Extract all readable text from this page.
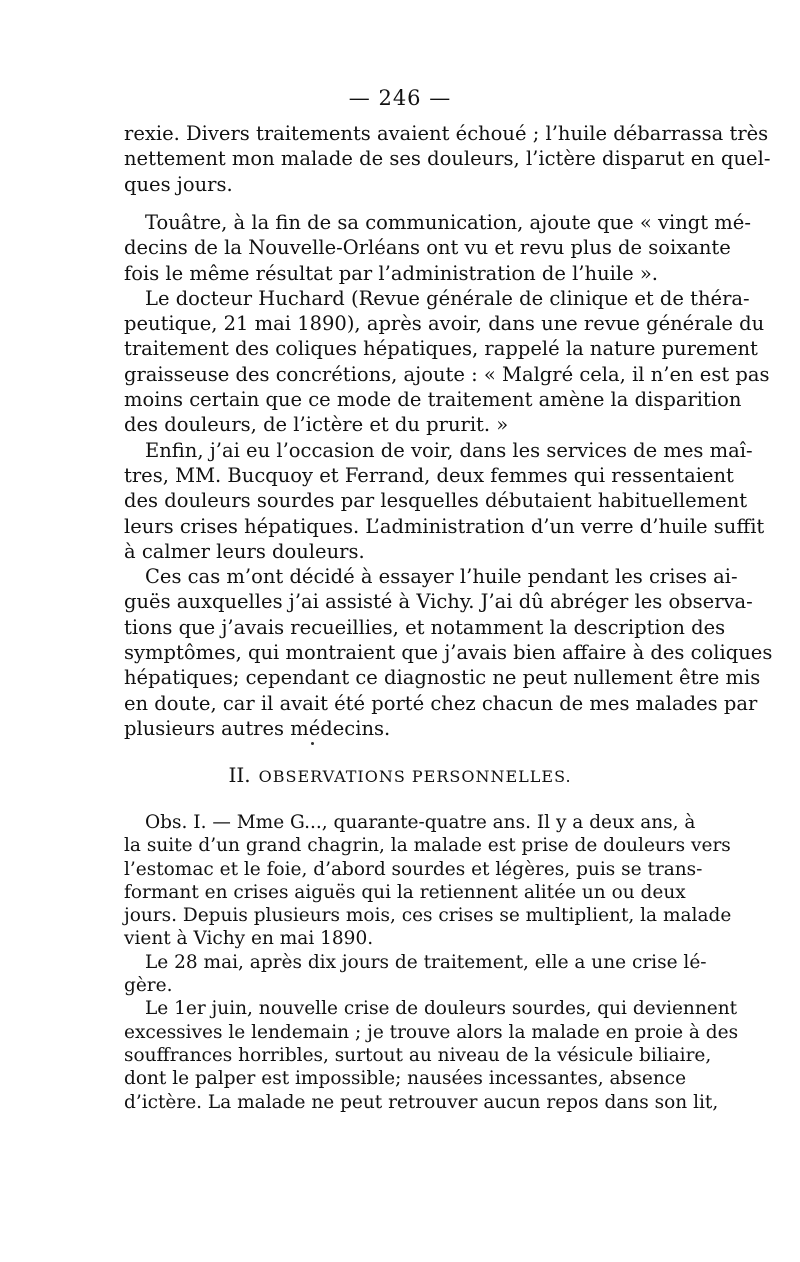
— 246 —
rexie. Divers traitements avaient échoué ; l’huile débarrassa très
nettement mon malade de ses douleurs, l’ictère disparut en quel-
ques jours.
Touâtre, à la fin de sa communication, ajoute que « vingt mé-
decins de la Nouvelle-Orléans ont vu et revu plus de soixante
fois le même résultat par l’administration de l’huile ».
Le docteur Huchard (Revue générale de clinique et de théra-
peutique, 21 mai 1890), après avoir, dans une revue générale du
traitement des coliques hépatiques, rappelé la nature purement
graisseuse des concrétions, ajoute : « Malgré cela, il n’en est pas
moins certain que ce mode de traitement amène la disparition
des douleurs, de l’ictère et du prurit. »
Enfin, j’ai eu l’occasion de voir, dans les services de mes maî-
tres, MM. Bucquoy et Ferrand, deux femmes qui ressentaient
des douleurs sourdes par lesquelles débutaient habituellement
leurs crises hépatiques. L’administration d’un verre d’huile suffit
à calmer leurs douleurs.
Ces cas m’ont décidé à essayer l’huile pendant les crises ai-
guës auxquelles j’ai assisté à Vichy. J’ai dû abréger les observa-
tions que j’avais recueillies, et notamment la description des
symptômes, qui montraient que j’avais bien affaire à des coliques
hépatiques; cependant ce diagnostic ne peut nullement être mis
en doute, car il avait été porté chez chacun de mes malades par
plusieurs autres médecins.
II. OBSERVATIONS PERSONNELLES.
Obs. I. — Mme G..., quarante-quatre ans. Il y a deux ans, à
la suite d’un grand chagrin, la malade est prise de douleurs vers
l’estomac et le foie, d’abord sourdes et légères, puis se trans-
formant en crises aiguës qui la retiennent alitée un ou deux
jours. Depuis plusieurs mois, ces crises se multiplient, la malade
vient à Vichy en mai 1890.
Le 28 mai, après dix jours de traitement, elle a une crise lé-
gère.
Le 1er juin, nouvelle crise de douleurs sourdes, qui deviennent
excessives le lendemain ; je trouve alors la malade en proie à des
souffrances horribles, surtout au niveau de la vésicule biliaire,
dont le palper est impossible; nausées incessantes, absence
d’ictère. La malade ne peut retrouver aucun repos dans son lit,
